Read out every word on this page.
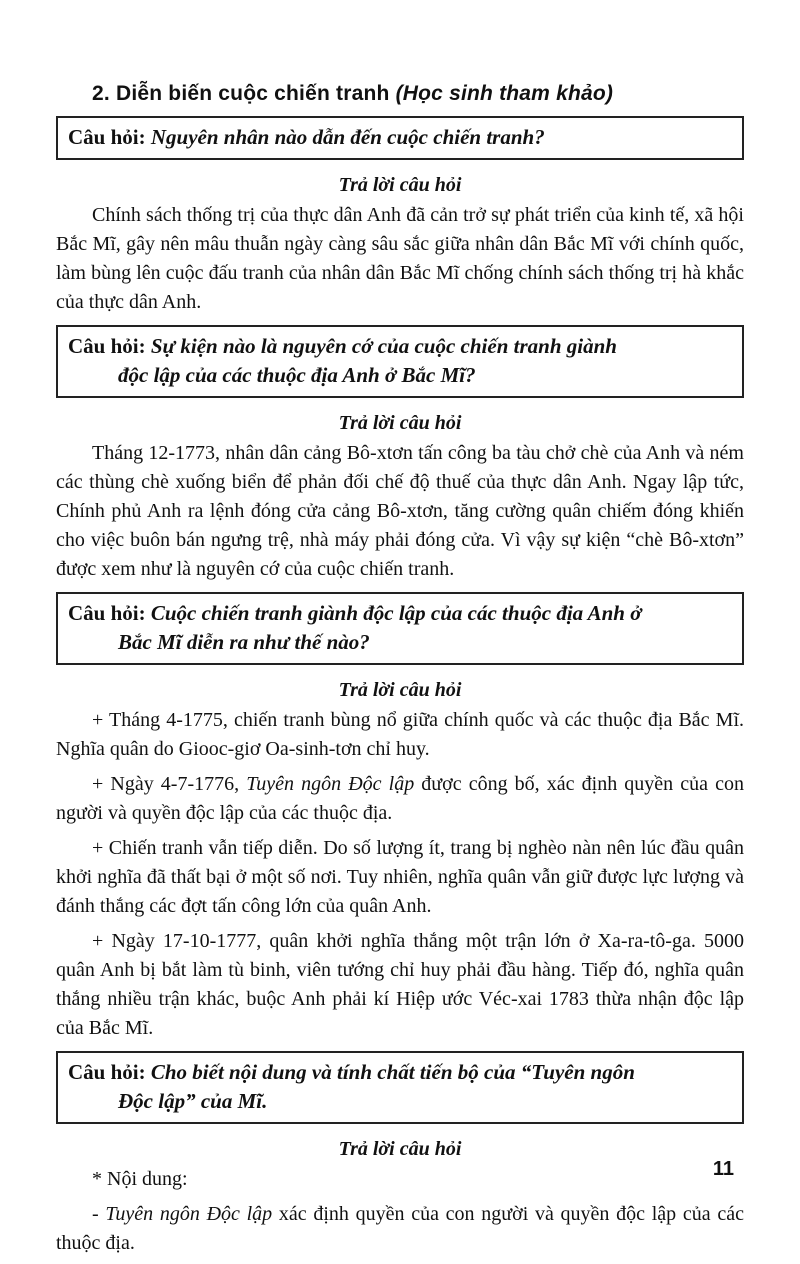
2. Diễn biến cuộc chiến tranh (Học sinh tham khảo)
Câu hỏi: Nguyên nhân nào dẫn đến cuộc chiến tranh?
Trả lời câu hỏi

Chính sách thống trị của thực dân Anh đã cản trở sự phát triển của kinh tế, xã hội Bắc Mĩ, gây nên mâu thuẫn ngày càng sâu sắc giữa nhân dân Bắc Mĩ với chính quốc, làm bùng lên cuộc đấu tranh của nhân dân Bắc Mĩ chống chính sách thống trị hà khắc của thực dân Anh.

Câu hỏi: Sự kiện nào là nguyên cớ của cuộc chiến tranh giành
độc lập của các thuộc địa Anh ở Bắc Mĩ?
Trả lời câu hỏi

Tháng 12-1773, nhân dân cảng Bô-xtơn tấn công ba tàu chở chè của Anh và ném các thùng chè xuống biển để phản đối chế độ thuế của thực dân Anh. Ngay lập tức, Chính phủ Anh ra lệnh đóng cửa cảng Bô-xtơn, tăng cường quân chiếm đóng khiến cho việc buôn bán ngưng trệ, nhà máy phải đóng cửa. Vì vậy sự kiện “chè Bô-xtơn” được xem như là nguyên cớ của cuộc chiến tranh.

Câu hỏi: Cuộc chiến tranh giành độc lập của các thuộc địa Anh ở
Bắc Mĩ diễn ra như thế nào?
Trả lời câu hỏi

+ Tháng 4-1775, chiến tranh bùng nổ giữa chính quốc và các thuộc địa Bắc Mĩ. Nghĩa quân do Giooc-giơ Oa-sinh-tơn chỉ huy.

+ Ngày 4-7-1776, Tuyên ngôn Độc lập được công bố, xác định quyền của con người và quyền độc lập của các thuộc địa.

+ Chiến tranh vẫn tiếp diễn. Do số lượng ít, trang bị nghèo nàn nên lúc đầu quân khởi nghĩa đã thất bại ở một số nơi. Tuy nhiên, nghĩa quân vẫn giữ được lực lượng và đánh thắng các đợt tấn công lớn của quân Anh.

+ Ngày 17-10-1777, quân khởi nghĩa thắng một trận lớn ở Xa-ra-tô-ga. 5000 quân Anh bị bắt làm tù binh, viên tướng chỉ huy phải đầu hàng. Tiếp đó, nghĩa quân thắng nhiều trận khác, buộc Anh phải kí Hiệp ước Véc-xai 1783 thừa nhận độc lập của Bắc Mĩ.

Câu hỏi: Cho biết nội dung và tính chất tiến bộ của “Tuyên ngôn
Độc lập” của Mĩ.
Trả lời câu hỏi

* Nội dung:

- Tuyên ngôn Độc lập xác định quyền của con người và quyền độc lập của các thuộc địa.

11
